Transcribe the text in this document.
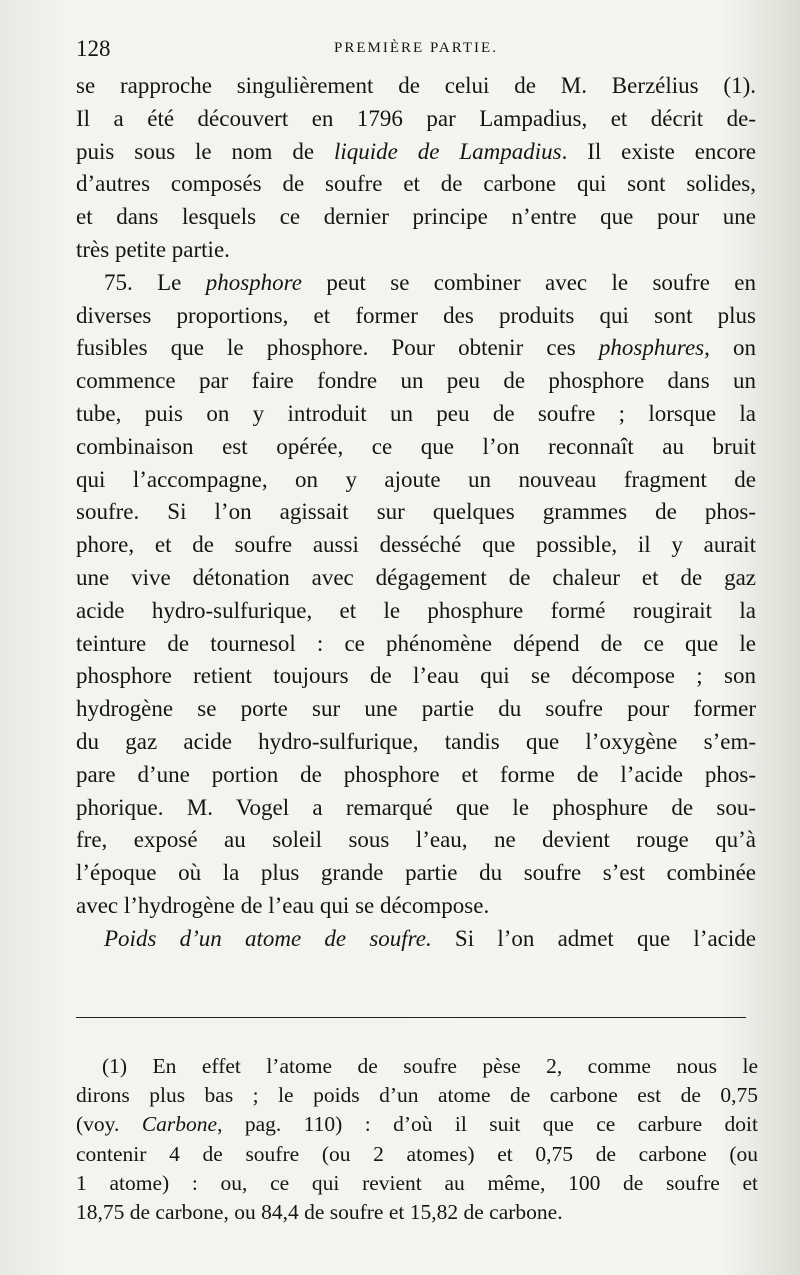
128	PREMIÈRE PARTIE.
se rapproche singulièrement de celui de M. Berzélius (1).
Il a été découvert en 1796 par Lampadius, et décrit de-
puis sous le nom de liquide de Lampadius. Il existe encore
d’autres composés de soufre et de carbone qui sont solides,
et dans lesquels ce dernier principe n’entre que pour une
très petite partie.
75. Le phosphore peut se combiner avec le soufre en
diverses proportions, et former des produits qui sont plus
fusibles que le phosphore. Pour obtenir ces phosphures, on
commence par faire fondre un peu de phosphore dans un
tube, puis on y introduit un peu de soufre ; lorsque la
combinaison est opérée, ce que l’on reconnaît au bruit
qui l’accompagne, on y ajoute un nouveau fragment de
soufre. Si l’on agissait sur quelques grammes de phos-
phore, et de soufre aussi desséché que possible, il y aurait
une vive détonation avec dégagement de chaleur et de gaz
acide hydro-sulfurique, et le phosphure formé rougirait la
teinture de tournesol : ce phénomène dépend de ce que le
phosphore retient toujours de l’eau qui se décompose ; son
hydrogène se porte sur une partie du soufre pour former
du gaz acide hydro-sulfurique, tandis que l’oxygène s’em-
pare d’une portion de phosphore et forme de l’acide phos-
phorique. M. Vogel a remarqué que le phosphure de sou-
fre, exposé au soleil sous l’eau, ne devient rouge qu’à
l’époque où la plus grande partie du soufre s’est combinée
avec l’hydrogène de l’eau qui se décompose.
Poids d’un atome de soufre. Si l’on admet que l’acide
(1) En effet l’atome de soufre pèse 2, comme nous le
dirons plus bas ; le poids d’un atome de carbone est de 0,75
(voy. Carbone, pag. 110) : d’où il suit que ce carbure doit
contenir 4 de soufre (ou 2 atomes) et 0,75 de carbone (ou
1 atome) : ou, ce qui revient au même, 100 de soufre et
18,75 de carbone, ou 84,4 de soufre et 15,82 de carbone.
